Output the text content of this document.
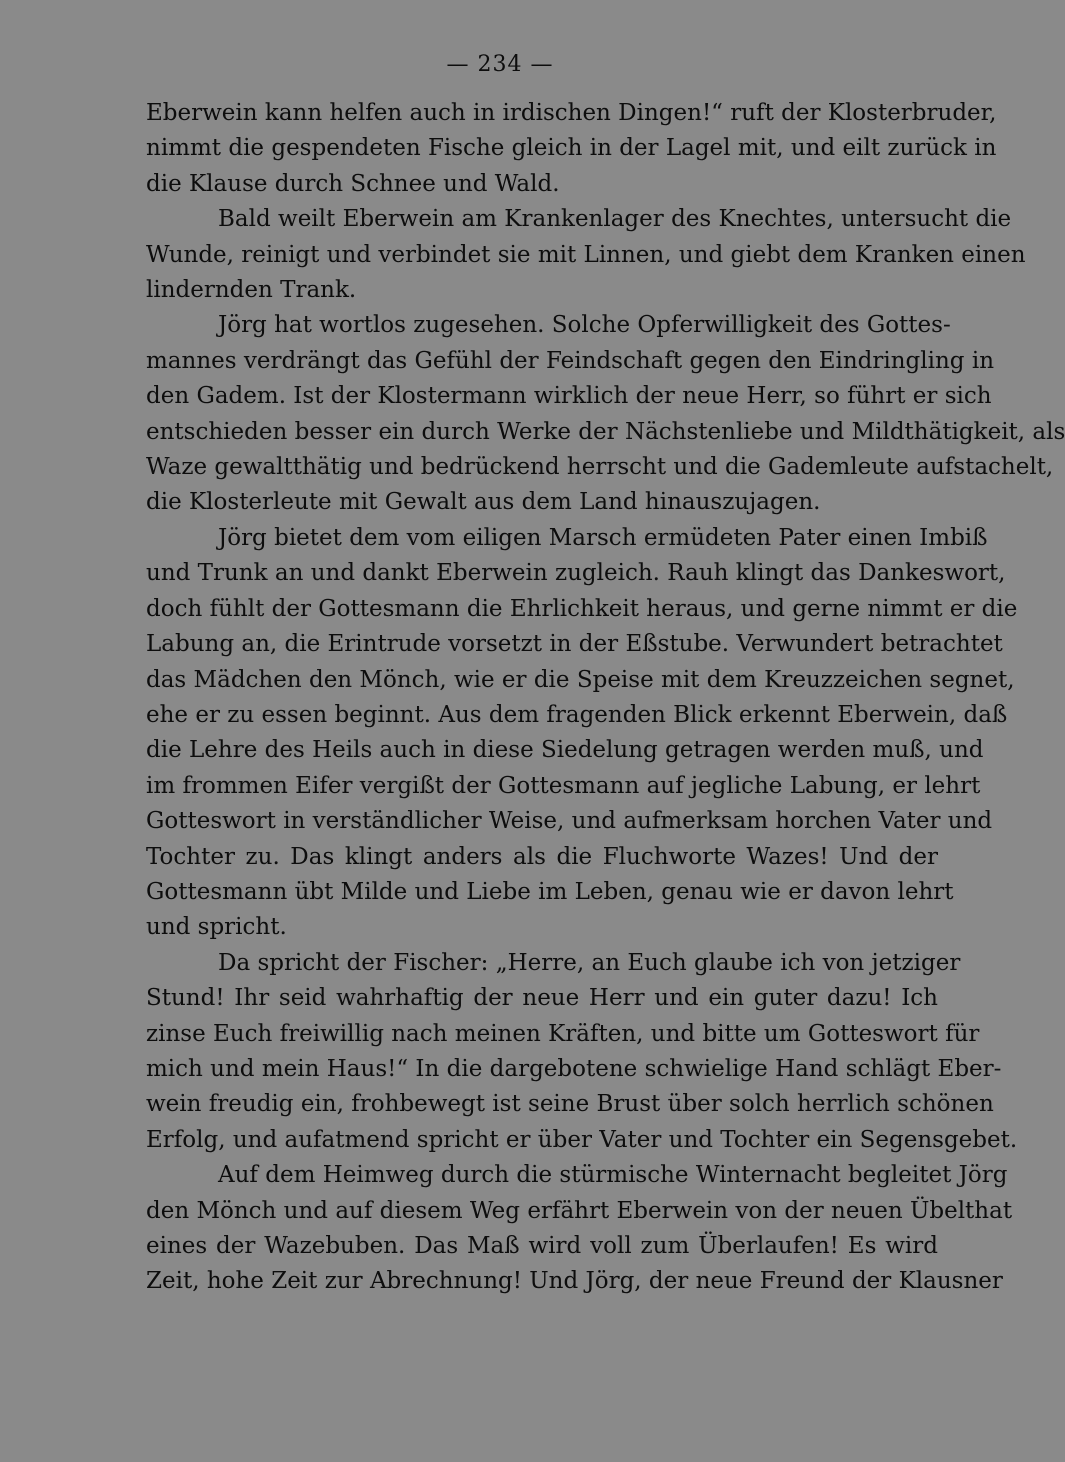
— 234 —
Eberwein kann helfen auch in irdischen Dingen!“ ruft der Klosterbruder,
nimmt die gespendeten Fische gleich in der Lagel mit, und eilt zurück in
die Klause durch Schnee und Wald.
Bald weilt Eberwein am Krankenlager des Knechtes, untersucht die
Wunde, reinigt und verbindet sie mit Linnen, und giebt dem Kranken einen
lindernden Trank.
Jörg hat wortlos zugesehen. Solche Opferwilligkeit des Gottes-
mannes verdrängt das Gefühl der Feindschaft gegen den Eindringling in
den Gadem. Ist der Klostermann wirklich der neue Herr, so führt er sich
entschieden besser ein durch Werke der Nächstenliebe und Mildthätigkeit, als
Waze gewaltthätig und bedrückend herrscht und die Gademleute aufstachelt,
die Klosterleute mit Gewalt aus dem Land hinauszujagen.
Jörg bietet dem vom eiligen Marsch ermüdeten Pater einen Imbiß
und Trunk an und dankt Eberwein zugleich. Rauh klingt das Dankeswort,
doch fühlt der Gottesmann die Ehrlichkeit heraus, und gerne nimmt er die
Labung an, die Erintrude vorsetzt in der Eßstube. Verwundert betrachtet
das Mädchen den Mönch, wie er die Speise mit dem Kreuzzeichen segnet,
ehe er zu essen beginnt. Aus dem fragenden Blick erkennt Eberwein, daß
die Lehre des Heils auch in diese Siedelung getragen werden muß, und
im frommen Eifer vergißt der Gottesmann auf jegliche Labung, er lehrt
Gotteswort in verständlicher Weise, und aufmerksam horchen Vater und
Tochter zu. Das klingt anders als die Fluchworte Wazes! Und der
Gottesmann übt Milde und Liebe im Leben, genau wie er davon lehrt
und spricht.
Da spricht der Fischer: „Herre, an Euch glaube ich von jetziger
Stund! Ihr seid wahrhaftig der neue Herr und ein guter dazu! Ich
zinse Euch freiwillig nach meinen Kräften, und bitte um Gotteswort für
mich und mein Haus!“ In die dargebotene schwielige Hand schlägt Eber-
wein freudig ein, frohbewegt ist seine Brust über solch herrlich schönen
Erfolg, und aufatmend spricht er über Vater und Tochter ein Segensgebet.
Auf dem Heimweg durch die stürmische Winternacht begleitet Jörg
den Mönch und auf diesem Weg erfährt Eberwein von der neuen Übelthat
eines der Wazebuben. Das Maß wird voll zum Überlaufen! Es wird
Zeit, hohe Zeit zur Abrechnung! Und Jörg, der neue Freund der Klausner
